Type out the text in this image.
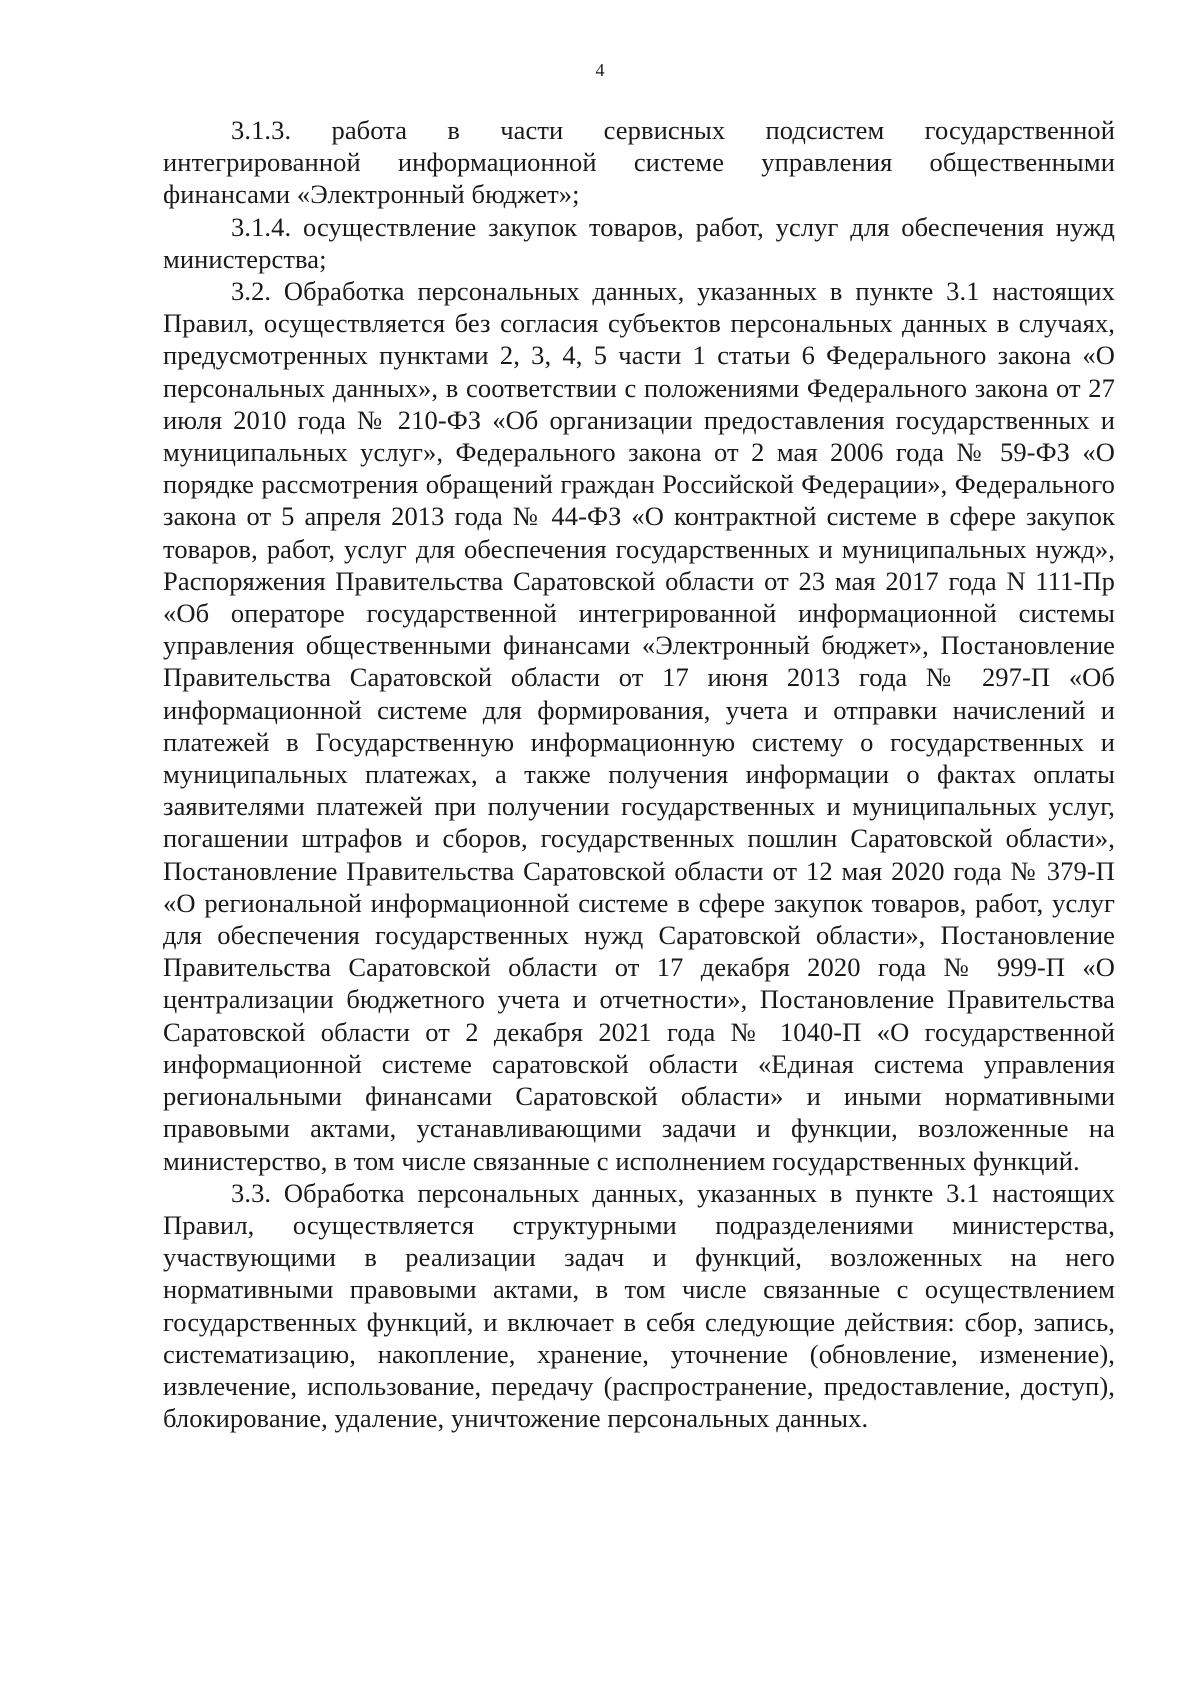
4

3.1.3. работа в части сервисных подсистем государственной интегрированной информационной системе управления общественными финансами «Электронный бюджет»;

3.1.4. осуществление закупок товаров, работ, услуг для обеспечения нужд министерства;

3.2. Обработка персональных данных, указанных в пункте 3.1 настоящих Правил, осуществляется без согласия субъектов персональных данных в случаях, предусмотренных пунктами 2, 3, 4, 5 части 1 статьи 6 Федерального закона «О персональных данных», в соответствии с положениями Федерального закона от 27 июля 2010 года № 210-ФЗ «Об организации предоставления государственных и муниципальных услуг», Федерального закона от 2 мая 2006 года № 59-ФЗ «О порядке рассмотрения обращений граждан Российской Федерации», Федерального закона от 5 апреля 2013 года № 44-ФЗ «О контрактной системе в сфере закупок товаров, работ, услуг для обеспечения государственных и муниципальных нужд», Распоряжения Правительства Саратовской области от 23 мая 2017 года N 111-Пр «Об операторе государственной интегрированной информационной системы управления общественными финансами «Электронный бюджет», Постановление Правительства Саратовской области от 17 июня 2013 года № 297-П «Об информационной системе для формирования, учета и отправки начислений и платежей в Государственную информационную систему о государственных и муниципальных платежах, а также получения информации о фактах оплаты заявителями платежей при получении государственных и муниципальных услуг, погашении штрафов и сборов, государственных пошлин Саратовской области», Постановление Правительства Саратовской области от 12 мая 2020 года № 379-П «О региональной информационной системе в сфере закупок товаров, работ, услуг для обеспечения государственных нужд Саратовской области», Постановление Правительства Саратовской области от 17 декабря 2020 года № 999-П «О централизации бюджетного учета и отчетности», Постановление Правительства Саратовской области от 2 декабря 2021 года № 1040-П «О государственной информационной системе саратовской области «Единая система управления региональными финансами Саратовской области» и иными нормативными правовыми актами, устанавливающими задачи и функции, возложенные на министерство, в том числе связанные с исполнением государственных функций.

3.3. Обработка персональных данных, указанных в пункте 3.1 настоящих Правил, осуществляется структурными подразделениями министерства, участвующими в реализации задач и функций, возложенных на него нормативными правовыми актами, в том числе связанные с осуществлением государственных функций, и включает в себя следующие действия: сбор, запись, систематизацию, накопление, хранение, уточнение (обновление, изменение), извлечение, использование, передачу (распространение, предоставление, доступ), блокирование, удаление, уничтожение персональных данных.
